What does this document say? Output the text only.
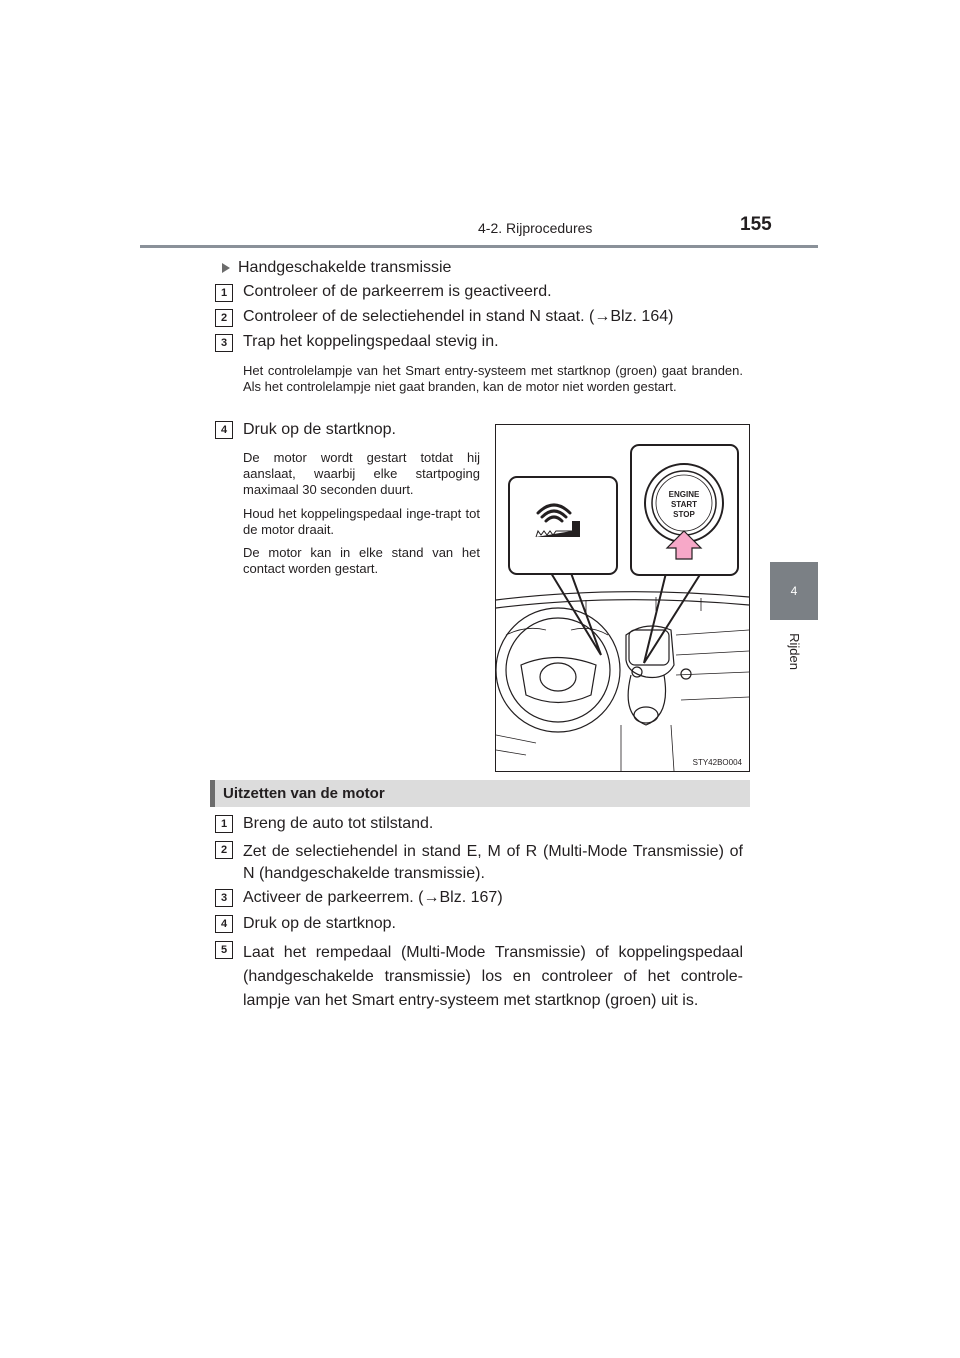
4-2. Rijprocedures	155
4
Rijden
Handgeschakelde transmissie
1 Controleer of de parkeerrem is geactiveerd.
2 Controleer of de selectiehendel in stand N staat. (→Blz. 164)
3 Trap het koppelingspedaal stevig in.
Het controlelampje van het Smart entry-systeem met startknop (groen) gaat branden. Als het controlelampje niet gaat branden, kan de motor niet worden gestart.
4 Druk op de startknop.
De motor wordt gestart totdat hij aanslaat, waarbij elke startpoging maximaal 30 seconden duurt.
Houd het koppelingspedaal inge-trapt tot de motor draait.
De motor kan in elke stand van het contact worden gestart.
ENGINE
START
STOP
STY42BO004
Uitzetten van de motor
1 Breng de auto tot stilstand.
2 Zet de selectiehendel in stand E, M of R (Multi-Mode Transmissie) of N (handgeschakelde transmissie).
3 Activeer de parkeerrem. (→Blz. 167)
4 Druk op de startknop.
5 Laat het rempedaal (Multi-Mode Transmissie) of koppelingspedaal (handgeschakelde transmissie) los en controleer of het controle-lampje van het Smart entry-systeem met startknop (groen) uit is.
